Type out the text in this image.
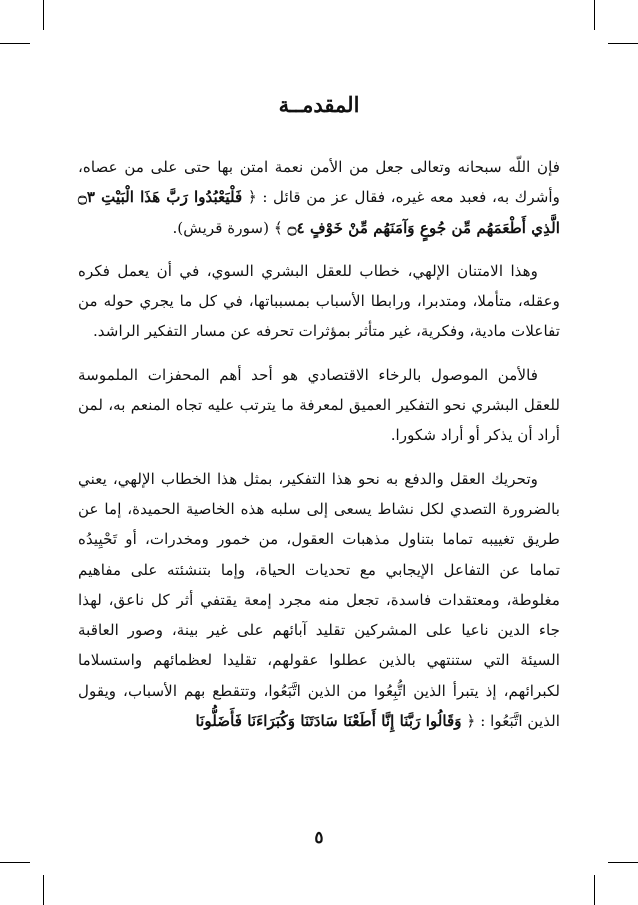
المقدمــة

فإن اللّه سبحانه وتعالى جعل من الأمن نعمة امتن بها حتى على من عصاه، وأشرك به، فعبد معه غيره، فقال عز من قائل : ﴿ فَلْيَعْبُدُوا رَبَّ هَذَا الْبَيْتِ ۝٣ الَّذِي أَطْعَمَهُم مِّن جُوعٍ وَآمَنَهُم مِّنْ خَوْفٍ ۝٤ ﴾ (سورة قريش).

وهذا الامتنان الإلهي، خطاب للعقل البشري السوي، في أن يعمل فكره وعقله، متأملا، ومتدبرا، ورابطا الأسباب بمسبباتها، في كل ما يجري حوله من تفاعلات مادية، وفكرية، غير متأثر بمؤثرات تحرفه عن مسار التفكير الراشد.

فالأمن الموصول بالرخاء الاقتصادي هو أحد أهم المحفزات الملموسة للعقل البشري نحو التفكير العميق لمعرفة ما يترتب عليه تجاه المنعم به، لمن أراد أن يذكر أو أراد شكورا.

وتحريك العقل والدفع به نحو هذا التفكير، بمثل هذا الخطاب الإلهي، يعني بالضرورة التصدي لكل نشاط يسعى إلى سلبه هذه الخاصية الحميدة، إما عن طريق تغييبه تماما بتناول مذهبات العقول، من خمور ومخدرات، أو تَحْيِيدُه تماما عن التفاعل الإيجابي مع تحديات الحياة، وإما بتنشئته على مفاهيم مغلوطة، ومعتقدات فاسدة، تجعل منه مجرد إمعة يقتفي أثر كل ناعق، لهذا جاء الدين ناعيا على المشركين تقليد آبائهم على غير بينة، وصور العاقبة السيئة التي ستنتهي بالذين عطلوا عقولهم، تقليدا لعظمائهم واستسلاما لكبرائهم، إذ يتبرأ الذين اتُّبِعُوا من الذين اتَّبَعُوا، وتتقطع بهم الأسباب، ويقول الذين اتَّبَعُوا : ﴿ وَقَالُوا رَبَّنَا إِنَّا أَطَعْنَا سَادَتَنَا وَكُبَرَاءَنَا فَأَضَلُّونَا

٥
